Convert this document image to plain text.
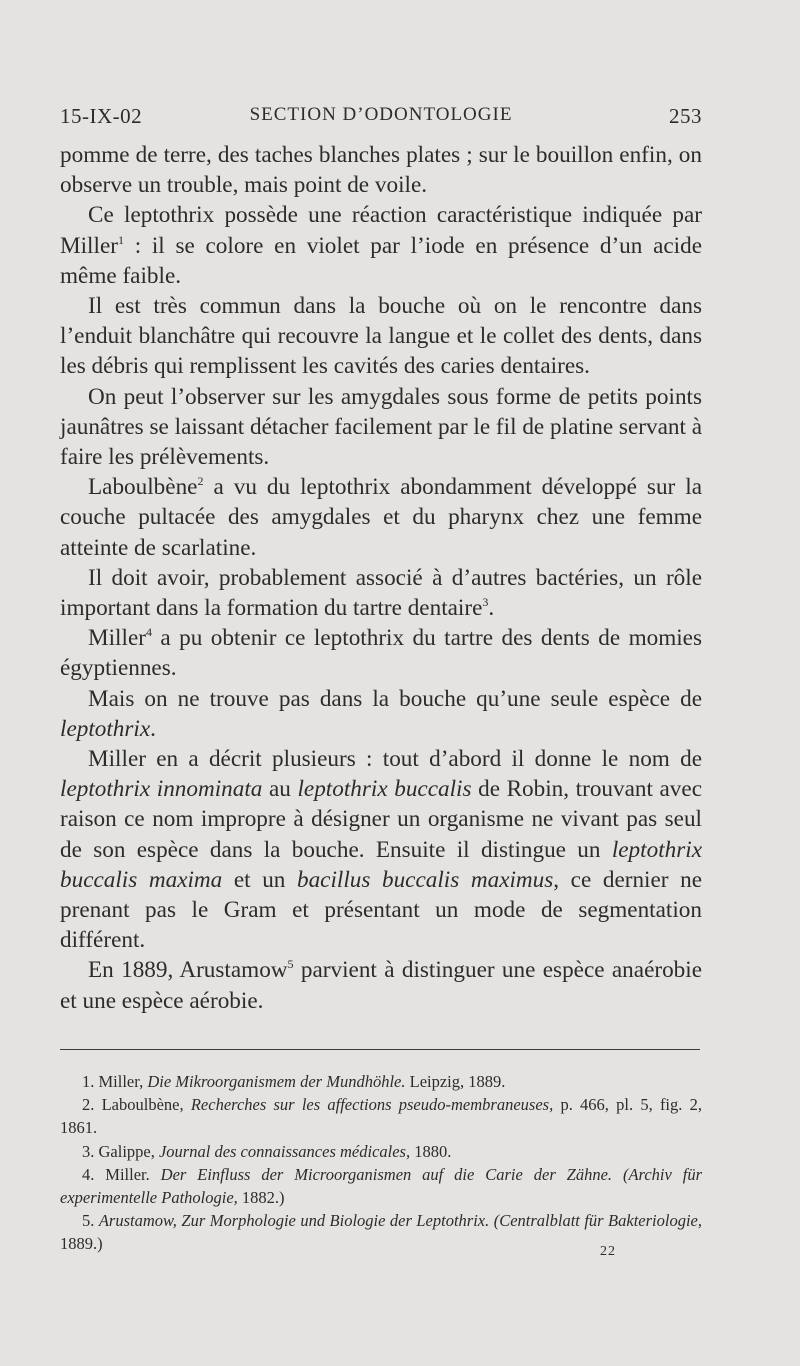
15-IX-02	SECTION D’ODONTOLOGIE	253

pomme de terre, des taches blanches plates ; sur le bouillon enfin, on observe un trouble, mais point de voile.

Ce leptothrix possède une réaction caractéristique indiquée par Miller$^1$ : il se colore en violet par l’iode en présence d’un acide même faible.

Il est très commun dans la bouche où on le rencontre dans l’enduit blanchâtre qui recouvre la langue et le collet des dents, dans les débris qui remplissent les cavités des caries dentaires.

On peut l’observer sur les amygdales sous forme de petits points jaunâtres se laissant détacher facilement par le fil de platine servant à faire les prélèvements.

Laboulbène$^2$ a vu du leptothrix abondamment développé sur la couche pultacée des amygdales et du pharynx chez une femme atteinte de scarlatine.

Il doit avoir, probablement associé à d’autres bactéries, un rôle important dans la formation du tartre dentaire$^3$.

Miller$^4$ a pu obtenir ce leptothrix du tartre des dents de momies égyptiennes.

Mais on ne trouve pas dans la bouche qu’une seule espèce de leptothrix.

Miller en a décrit plusieurs : tout d’abord il donne le nom de leptothrix innominata au leptothrix buccalis de Robin, trouvant avec raison ce nom impropre à désigner un organisme ne vivant pas seul de son espèce dans la bouche. Ensuite il distingue un leptothrix buccalis maxima et un bacillus buccalis maximus, ce dernier ne prenant pas le Gram et présentant un mode de segmentation différent.

En 1889, Arustamow$^5$ parvient à distinguer une espèce anaérobie et une espèce aérobie.

1. Miller, Die Mikroorganismem der Mundhöhle. Leipzig, 1889.

2. Laboulbène, Recherches sur les affections pseudo-membraneuses, p. 466, pl. 5, fig. 2, 1861.

3. Galippe, Journal des connaissances médicales, 1880.

4. Miller. Der Einfluss der Microorganismen auf die Carie der Zähne. (Archiv für experimentelle Pathologie, 1882.)

5. Arustamow, Zur Morphologie und Biologie der Leptothrix. (Centralblatt für Bakteriologie, 1889.)	22
